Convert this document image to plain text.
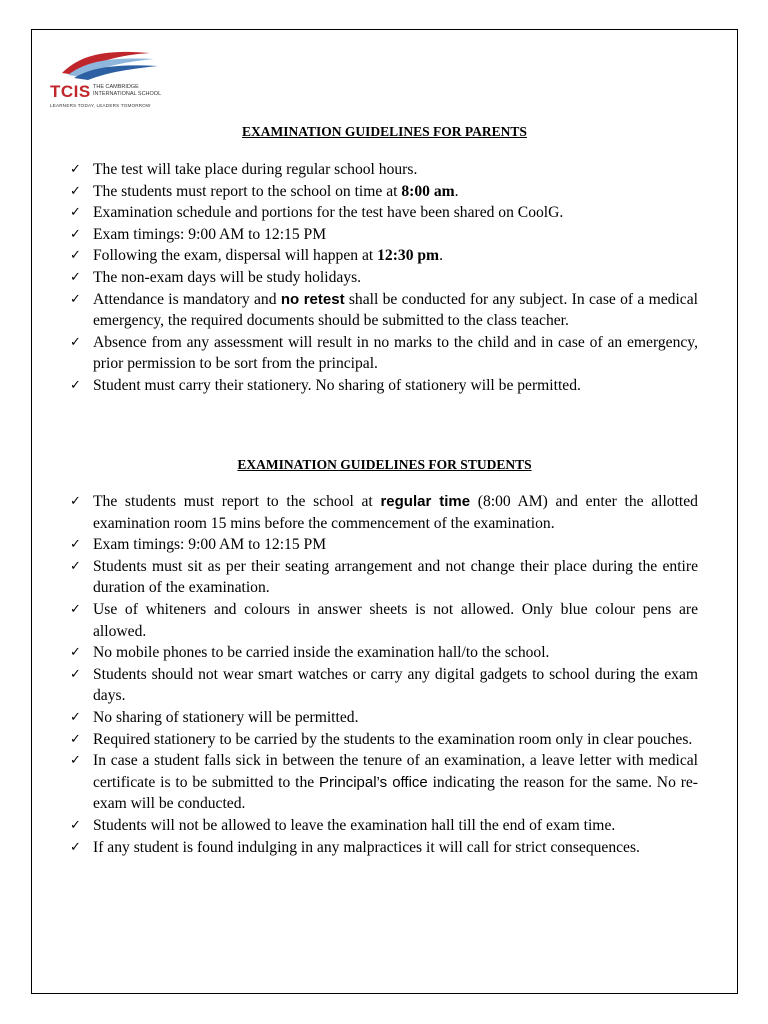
TCIS THE CAMBRIDGE
INTERNATIONAL SCHOOL
LEARNERS TODAY, LEADERS TOMORROW
EXAMINATION GUIDELINES FOR PARENTS
✓ The test will take place during regular school hours.
✓ The students must report to the school on time at 8:00 am.
✓ Examination schedule and portions for the test have been shared on CoolG.
✓ Exam timings: 9:00 AM to 12:15 PM
✓ Following the exam, dispersal will happen at 12:30 pm.
✓ The non-exam days will be study holidays.
✓ Attendance is mandatory and no retest shall be conducted for any subject. In case of a medical emergency, the required documents should be submitted to the class teacher.
✓ Absence from any assessment will result in no marks to the child and in case of an emergency, prior permission to be sort from the principal.
✓ Student must carry their stationery. No sharing of stationery will be permitted.
EXAMINATION GUIDELINES FOR STUDENTS
✓ The students must report to the school at regular time (8:00 AM) and enter the allotted examination room 15 mins before the commencement of the examination.
✓ Exam timings: 9:00 AM to 12:15 PM
✓ Students must sit as per their seating arrangement and not change their place during the entire duration of the examination.
✓ Use of whiteners and colours in answer sheets is not allowed. Only blue colour pens are allowed.
✓ No mobile phones to be carried inside the examination hall/to the school.
✓ Students should not wear smart watches or carry any digital gadgets to school during the exam days.
✓ No sharing of stationery will be permitted.
✓ Required stationery to be carried by the students to the examination room only in clear pouches.
✓ In case a student falls sick in between the tenure of an examination, a leave letter with medical certificate is to be submitted to the Principal’s office indicating the reason for the same. No re-exam will be conducted.
✓ Students will not be allowed to leave the examination hall till the end of exam time.
✓ If any student is found indulging in any malpractices it will call for strict consequences.
